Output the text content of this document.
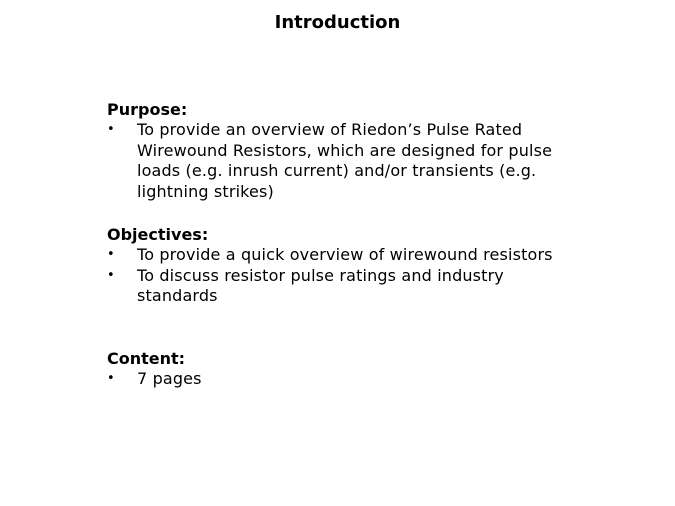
Introduction
Purpose:
• To provide an overview of Riedon’s Pulse Rated Wirewound Resistors, which are designed for pulse loads (e.g. inrush current) and/or transients (e.g. lightning strikes)
Objectives:
• To provide a quick overview of wirewound resistors
• To discuss resistor pulse ratings and industry standards
Content:
• 7 pages
